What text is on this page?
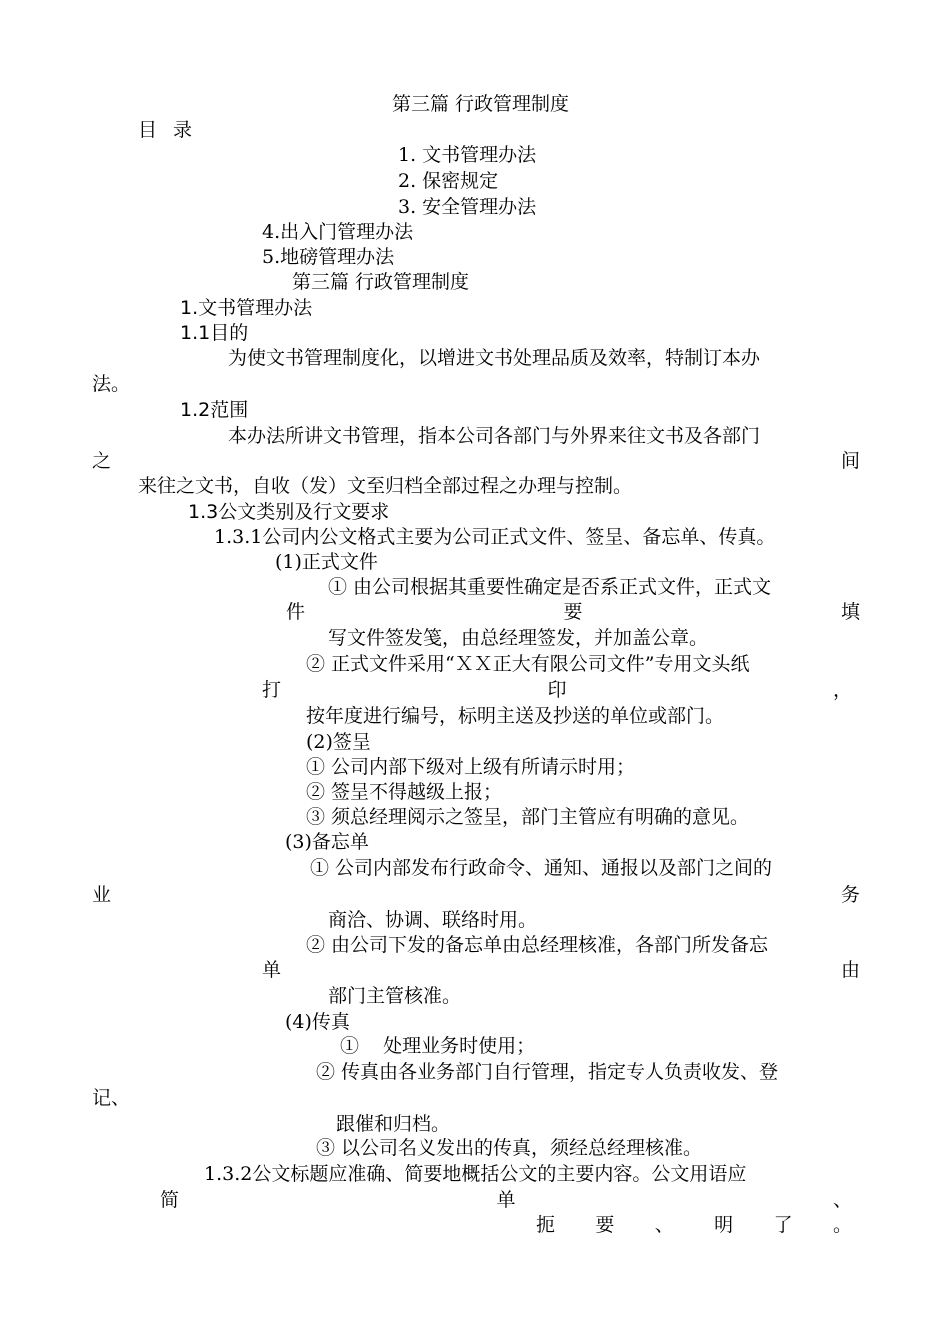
第三篇 行政管理制度
目 录
1. 文书管理办法
2. 保密规定
3. 安全管理办法
4.出入门管理办法
5.地磅管理办法
第三篇 行政管理制度
1.文书管理办法
1.1目的
为使文书管理制度化，以增进文书处理品质及效率，特制订本办
法。
1.2范围
本办法所讲文书管理，指本公司各部门与外界来往文书及各部门
之	间
来往之文书，自收（发）文至归档全部过程之办理与控制。
1.3公文类别及行文要求
1.3.1公司内公文格式主要为公司正式文件、签呈、备忘单、传真。
(1)正式文件
① 由公司根据其重要性确定是否系正式文件，正式文
件	要	填
写文件签发笺，由总经理签发，并加盖公章。
② 正式文件采用“ＸＸ正大有限公司文件”专用文头纸
打	印	，
按年度进行编号，标明主送及抄送的单位或部门。
(2)签呈
① 公司内部下级对上级有所请示时用；
② 签呈不得越级上报；
③ 须总经理阅示之签呈，部门主管应有明确的意见。
(3)备忘单
① 公司内部发布行政命令、通知、通报以及部门之间的
业	务
商洽、协调、联络时用。
② 由公司下发的备忘单由总经理核准，各部门所发备忘
单	由
部门主管核准。
(4)传真
①    处理业务时使用；
② 传真由各业务部门自行管理，指定专人负责收发、登
记、
跟催和归档。
③ 以公司名义发出的传真，须经总经理核准。
1.3.2公文标题应准确、简要地概括公文的主要内容。公文用语应
简	单	、
扼 要 、 明 了 。
